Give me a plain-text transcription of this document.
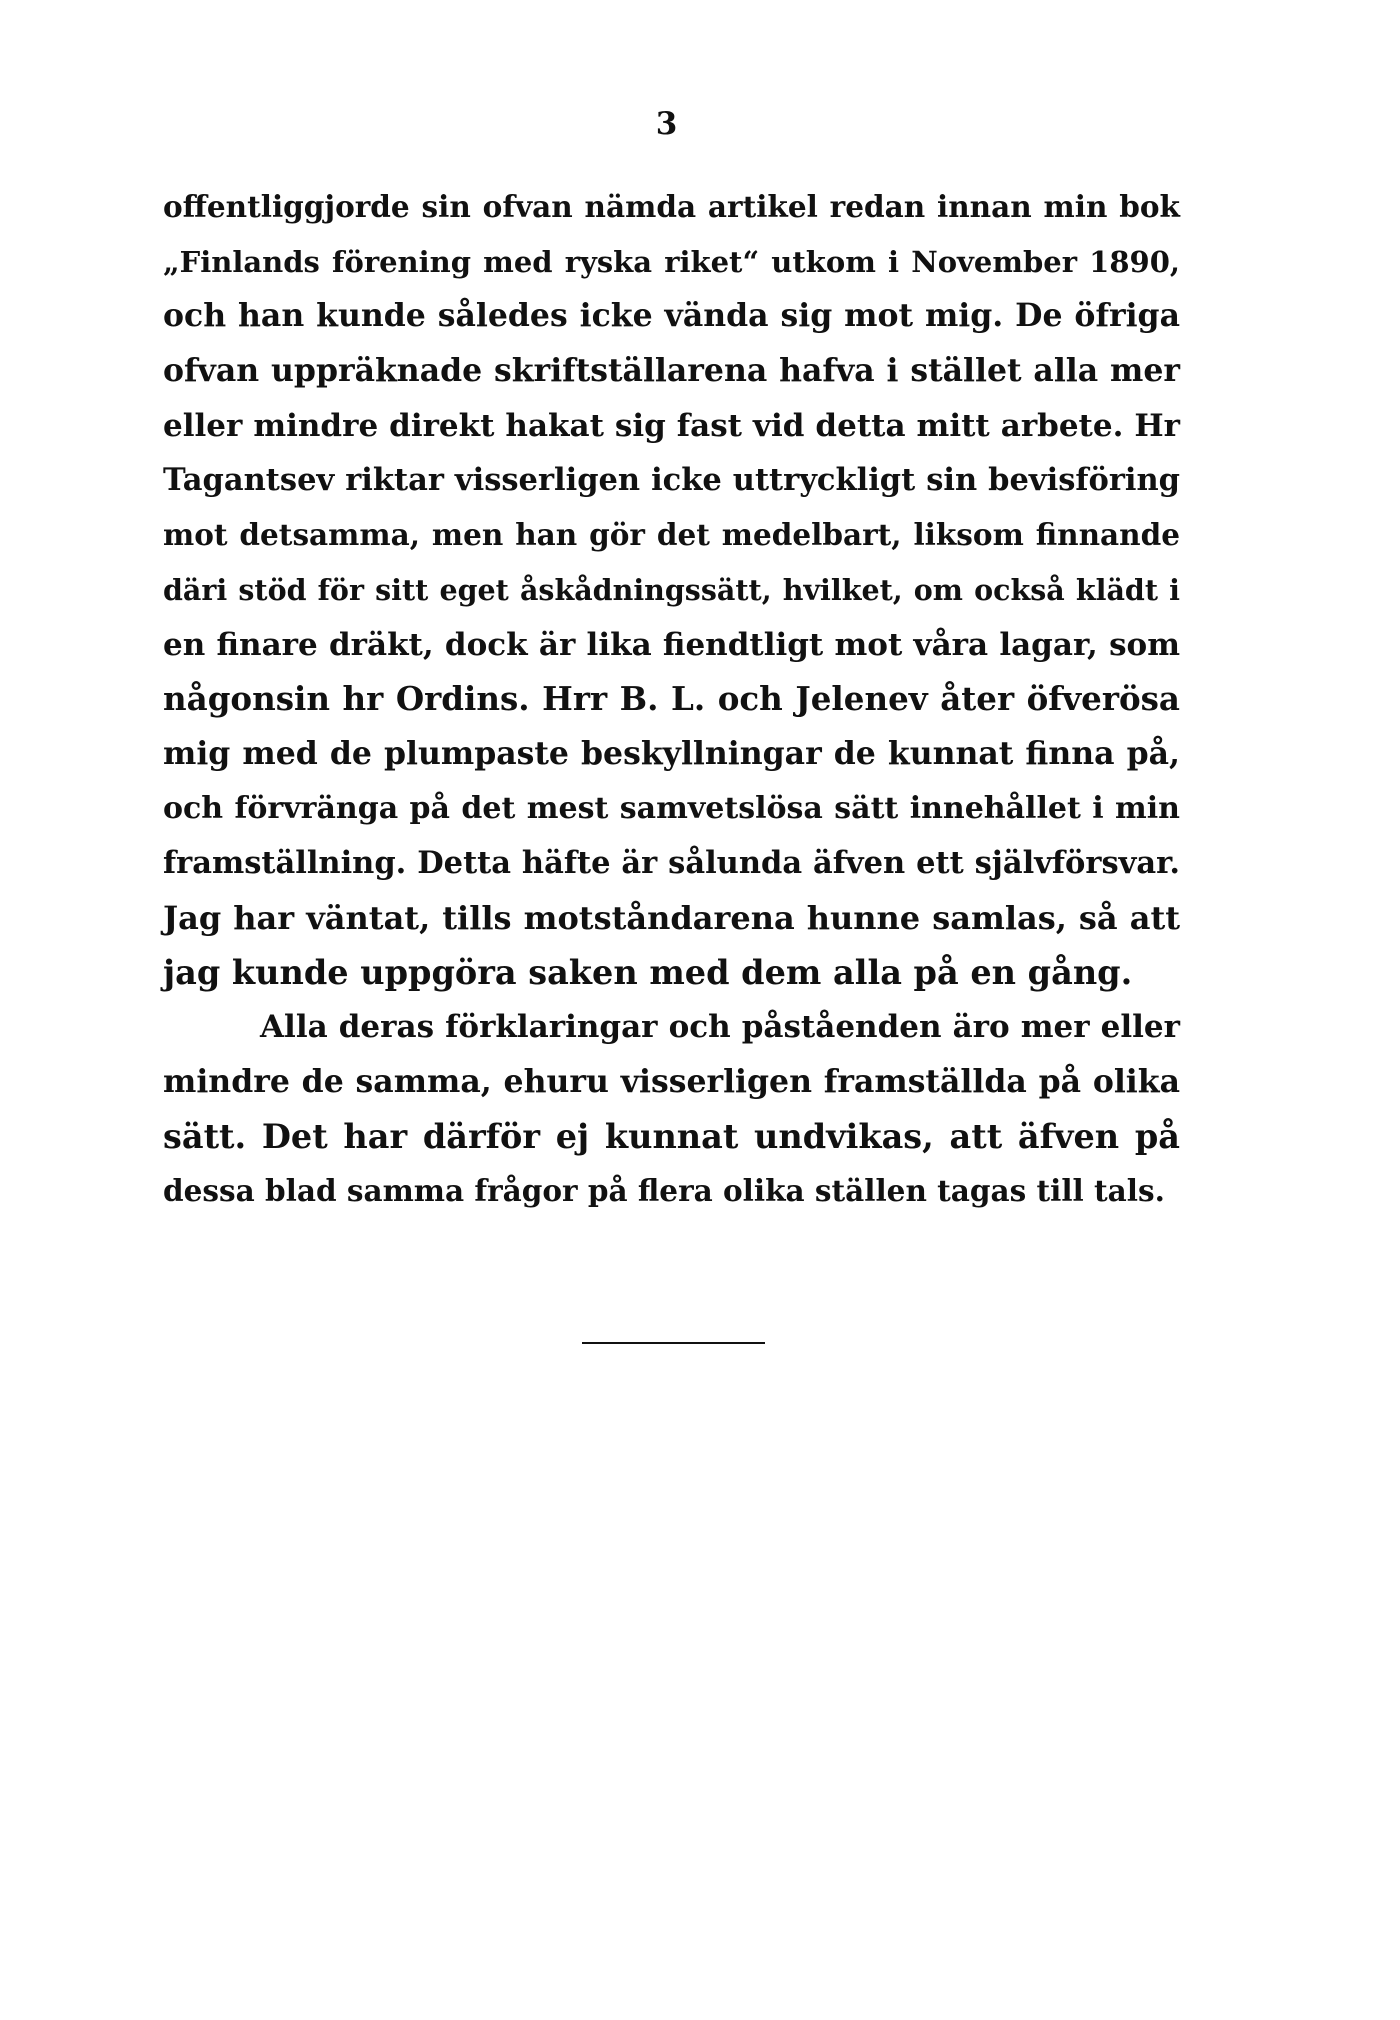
3
offentliggjorde sin ofvan nämda artikel redan innan min bok
„Finlands förening med ryska riket“ utkom i November 1890,
och han kunde således icke vända sig mot mig. De öfriga
ofvan uppräknade skriftställarena hafva i stället alla mer
eller mindre direkt hakat sig fast vid detta mitt arbete. Hr
Tagantsev riktar visserligen icke uttryckligt sin bevisföring
mot detsamma, men han gör det medelbart, liksom finnande
däri stöd för sitt eget åskådningssätt, hvilket, om också klädt i
en finare dräkt, dock är lika fiendtligt mot våra lagar, som
någonsin hr Ordins. Hrr B. L. och Jelenev åter öfverösa
mig med de plumpaste beskyllningar de kunnat finna på,
och förvränga på det mest samvetslösa sätt innehållet i min
framställning. Detta häfte är sålunda äfven ett självförsvar.
Jag har väntat, tills motståndarena hunne samlas, så att
jag kunde uppgöra saken med dem alla på en gång.
Alla deras förklaringar och påståenden äro mer eller
mindre de samma, ehuru visserligen framställda på olika
sätt. Det har därför ej kunnat undvikas, att äfven på
dessa blad samma frågor på flera olika ställen tagas till tals.
